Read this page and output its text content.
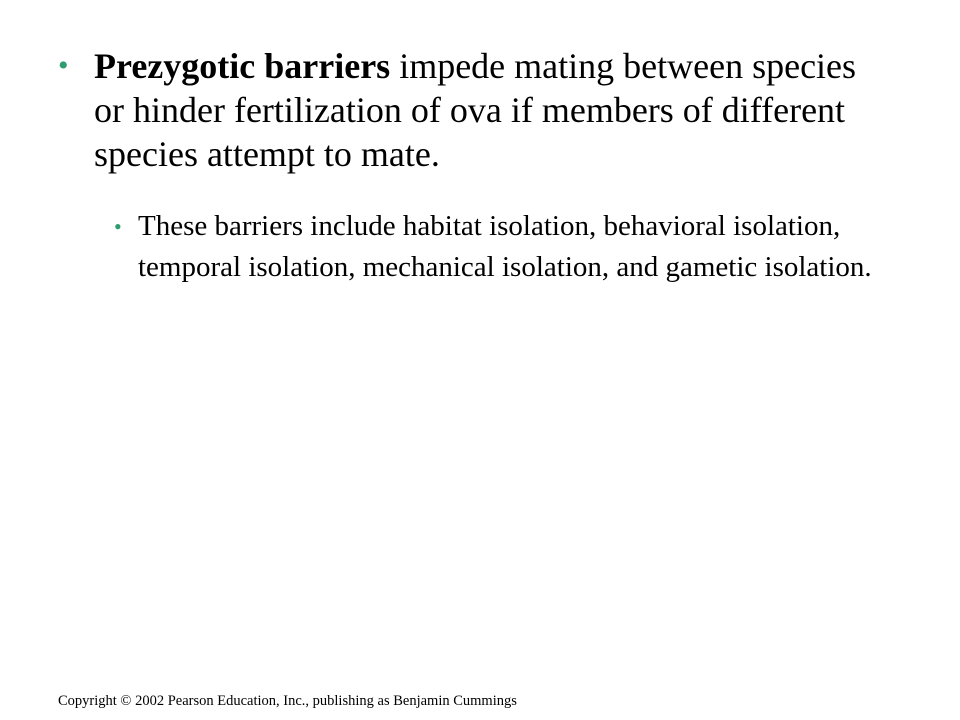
• Prezygotic barriers impede mating between species or hinder fertilization of ova if members of different species attempt to mate.
• These barriers include habitat isolation, behavioral isolation, temporal isolation, mechanical isolation, and gametic isolation.
Copyright © 2002 Pearson Education, Inc., publishing as Benjamin Cummings
